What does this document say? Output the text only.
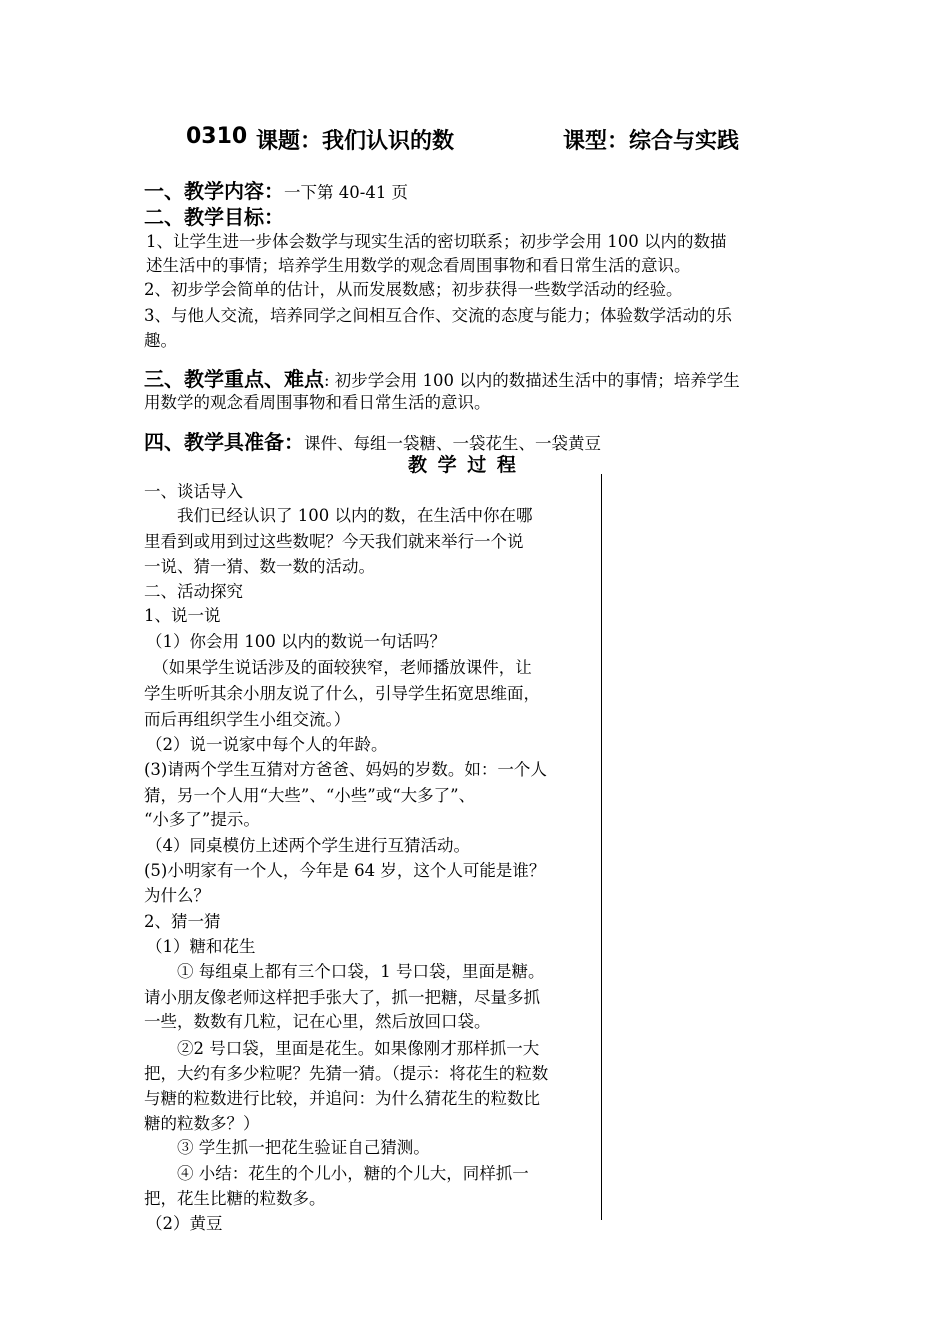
0310 课题：我们认识的数	课型：综合与实践
一、教学内容：一下第 40-41 页
二、教学目标：
1、让学生进一步体会数学与现实生活的密切联系；初步学会用 100 以内的数描
述生活中的事情；培养学生用数学的观念看周围事物和看日常生活的意识。
2、初步学会简单的估计，从而发展数感；初步获得一些数学活动的经验。
3、与他人交流，培养同学之间相互合作、交流的态度与能力；体验数学活动的乐
趣。
三、教学重点、难点: 初步学会用 100 以内的数描述生活中的事情；培养学生
用数学的观念看周围事物和看日常生活的意识。
四、教学具准备：课件、每组一袋糖、一袋花生、一袋黄豆
教 学 过 程
一、谈话导入
　　我们已经认识了 100 以内的数，在生活中你在哪
里看到或用到过这些数呢？今天我们就来举行一个说
一说、猜一猜、数一数的活动。
二、活动探究
1、说一说
（1）你会用 100 以内的数说一句话吗？
　（如果学生说话涉及的面较狭窄，老师播放课件，让
学生听听其余小朋友说了什么，引导学生拓宽思维面，
而后再组织学生小组交流。）
（2）说一说家中每个人的年龄。
(3)请两个学生互猜对方爸爸、妈妈的岁数。如：一个人
猜，另一个人用“大些”、“小些”或“大多了”、
“小多了”提示。
（4）同桌模仿上述两个学生进行互猜活动。
(5)小明家有一个人，今年是 64 岁，这个人可能是谁？
为什么？
2、猜一猜
（1）糖和花生
　　① 每组桌上都有三个口袋，1 号口袋，里面是糖。
请小朋友像老师这样把手张大了，抓一把糖，尽量多抓
一些，数数有几粒，记在心里，然后放回口袋。
　　②2 号口袋，里面是花生。如果像刚才那样抓一大
把，大约有多少粒呢？先猜一猜。（提示：将花生的粒数
与糖的粒数进行比较，并追问：为什么猜花生的粒数比
糖的粒数多？）
　　③ 学生抓一把花生验证自己猜测。
　　④ 小结：花生的个儿小，糖的个儿大，同样抓一
把，花生比糖的粒数多。
（2）黄豆
